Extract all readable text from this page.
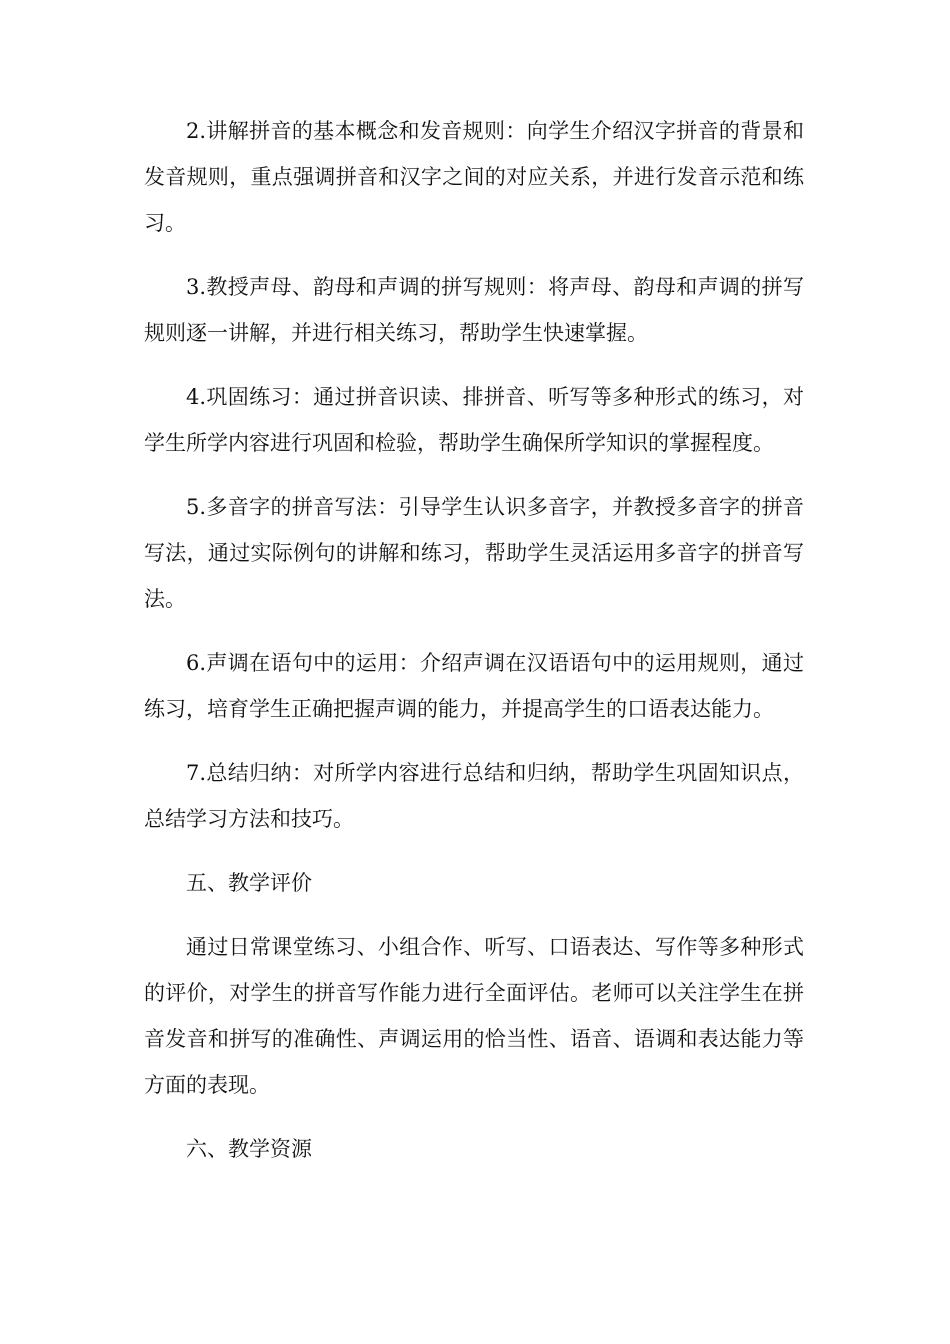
2.讲解拼音的基本概念和发音规则：向学生介绍汉字拼音的背景和发音规则，重点强调拼音和汉字之间的对应关系，并进行发音示范和练习。

3.教授声母、韵母和声调的拼写规则：将声母、韵母和声调的拼写规则逐一讲解，并进行相关练习，帮助学生快速掌握。

4.巩固练习：通过拼音识读、排拼音、听写等多种形式的练习，对学生所学内容进行巩固和检验，帮助学生确保所学知识的掌握程度。

5.多音字的拼音写法：引导学生认识多音字，并教授多音字的拼音写法，通过实际例句的讲解和练习，帮助学生灵活运用多音字的拼音写法。

6.声调在语句中的运用：介绍声调在汉语语句中的运用规则，通过练习，培育学生正确把握声调的能力，并提高学生的口语表达能力。

7.总结归纳：对所学内容进行总结和归纳，帮助学生巩固知识点，总结学习方法和技巧。

五、教学评价

通过日常课堂练习、小组合作、听写、口语表达、写作等多种形式的评价，对学生的拼音写作能力进行全面评估。老师可以关注学生在拼音发音和拼写的准确性、声调运用的恰当性、语音、语调和表达能力等方面的表现。

六、教学资源
